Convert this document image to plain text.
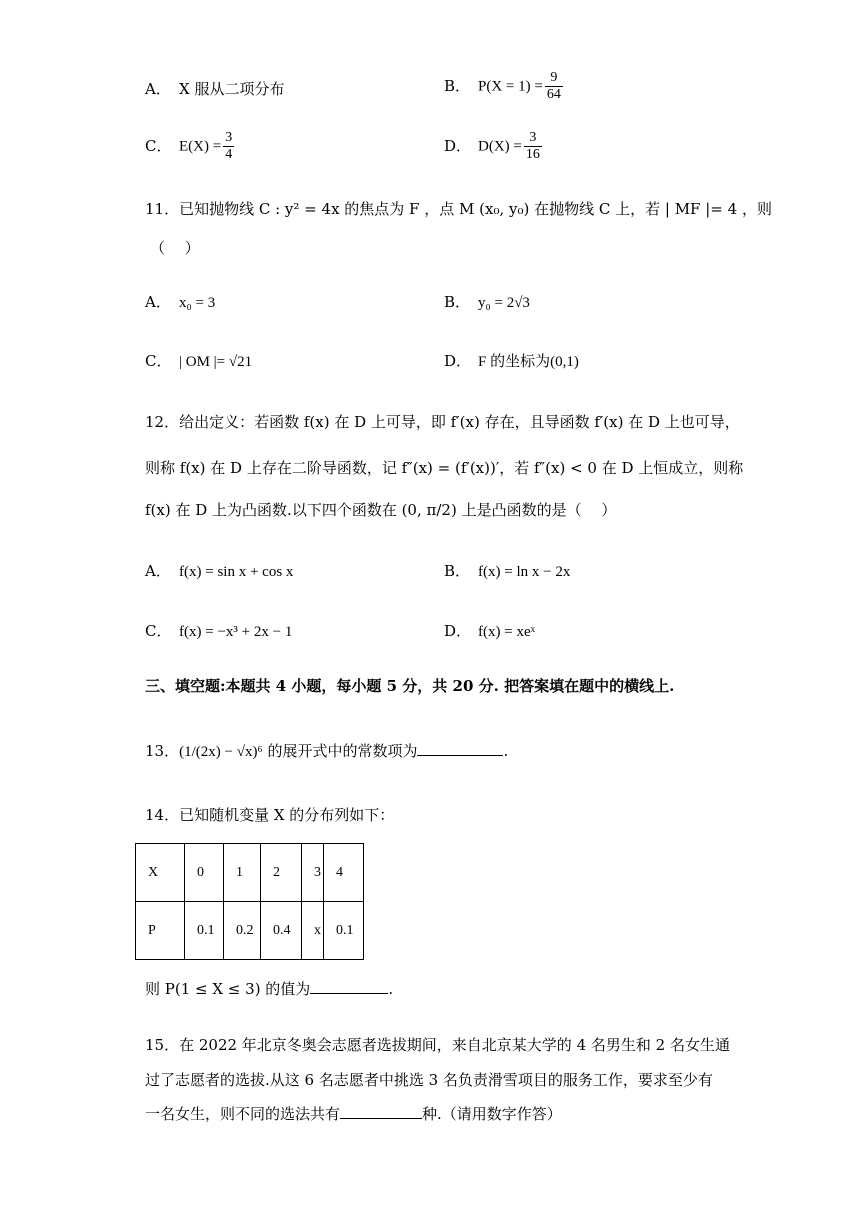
A． X 服从二项分布	B． $P(X = 1) = \frac{9}{64}$
C． $E(X) = \frac{3}{4}$	D． $D(X) = \frac{3}{16}$
11．已知抛物线 C : y² = 4x 的焦点为 F ，点 M (x₀, y₀) 在抛物线 C 上，若 | MF |= 4 ，则
（　 ）
A． x₀ = 3	B． y₀ = 2√3
C． | OM |= √21	D． F 的坐标为(0,1)
12．给出定义：若函数 f(x) 在 D 上可导，即 f′(x) 存在，且导函数 f′(x) 在 D 上也可导，
则称 f(x) 在 D 上存在二阶导函数，记 f″(x) = (f′(x))′，若 f″(x) < 0 在 D 上恒成立，则称
f(x) 在 D 上为凸函数.以下四个函数在 (0, π/2) 上是凸函数的是（　 ）
A． f(x) = sin x + cos x	B． f(x) = ln x − 2x
C． f(x) = −x³ + 2x − 1	D． f(x) = xeˣ
三、填空题:本题共 4 小题，每小题 5 分，共 20 分. 把答案填在题中的横线上.
13．(1/(2x) − √x)⁶ 的展开式中的常数项为	.
14．已知随机变量 X 的分布列如下：
X	0	1	2	3	4
P	0.1	0.2	0.4	x	0.1
则 P(1 ≤ X ≤ 3) 的值为	.
15．在 2022 年北京冬奥会志愿者选拔期间，来自北京某大学的 4 名男生和 2 名女生通
过了志愿者的选拔.从这 6 名志愿者中挑选 3 名负责滑雪项目的服务工作，要求至少有
一名女生，则不同的选法共有	种.（请用数字作答）
